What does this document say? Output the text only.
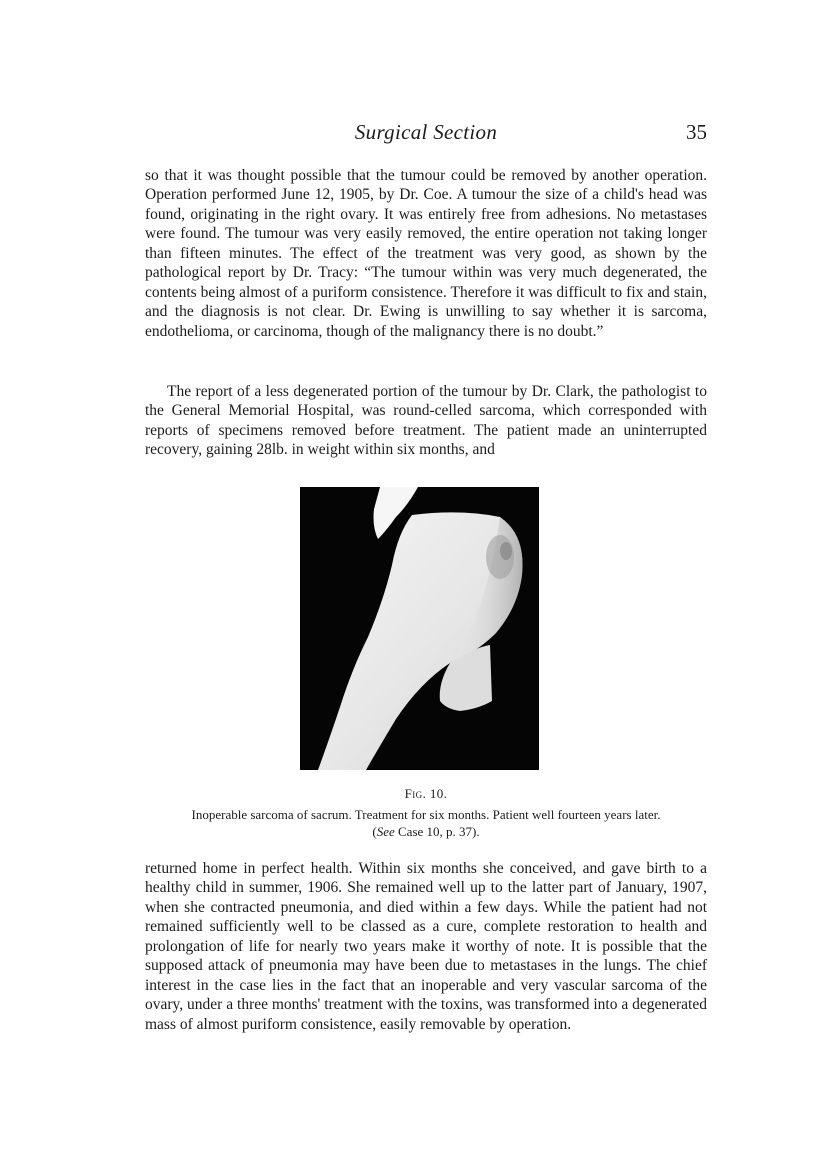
Surgical Section	35

so that it was thought possible that the tumour could be removed by another operation. Operation performed June 12, 1905, by Dr. Coe. A tumour the size of a child's head was found, originating in the right ovary. It was entirely free from adhesions. No metastases were found. The tumour was very easily removed, the entire operation not taking longer than fifteen minutes. The effect of the treatment was very good, as shown by the pathological report by Dr. Tracy: “The tumour within was very much degenerated, the contents being almost of a puriform consistence. Therefore it was difficult to fix and stain, and the diagnosis is not clear. Dr. Ewing is unwilling to say whether it is sarcoma, endothelioma, or carcinoma, though of the malignancy there is no doubt.”

The report of a less degenerated portion of the tumour by Dr. Clark, the pathologist to the General Memorial Hospital, was round-celled sarcoma, which corresponded with reports of specimens removed before treatment. The patient made an uninterrupted recovery, gaining 28lb. in weight within six months, and

Fig. 10.
Inoperable sarcoma of sacrum. Treatment for six months. Patient well fourteen years later. (See Case 10, p. 37).

returned home in perfect health. Within six months she conceived, and gave birth to a healthy child in summer, 1906. She remained well up to the latter part of January, 1907, when she contracted pneumonia, and died within a few days. While the patient had not remained sufficiently well to be classed as a cure, complete restoration to health and prolongation of life for nearly two years make it worthy of note. It is possible that the supposed attack of pneumonia may have been due to metastases in the lungs. The chief interest in the case lies in the fact that an inoperable and very vascular sarcoma of the ovary, under a three months' treatment with the toxins, was transformed into a degenerated mass of almost puriform consistence, easily removable by operation.
